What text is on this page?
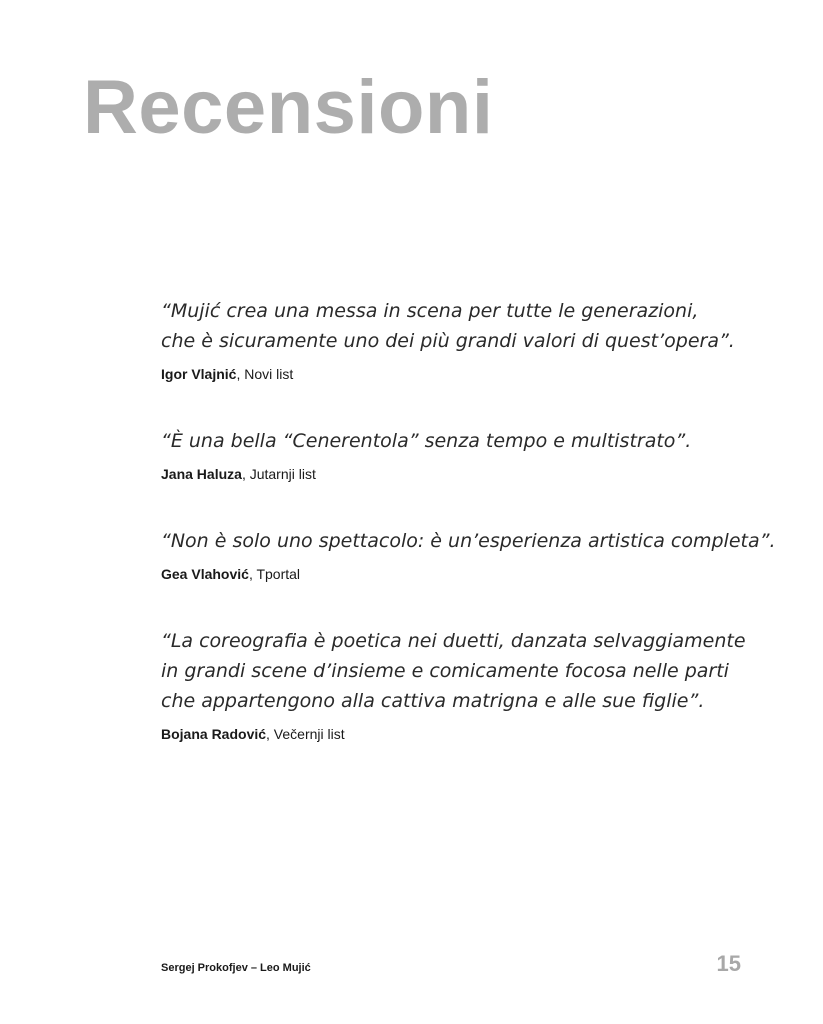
Recensioni

“Mujić crea una messa in scena per tutte le generazioni,
che è sicuramente uno dei più grandi valori di quest’opera”.

Igor Vlajnić, Novi list

“È una bella “Cenerentola” senza tempo e multistrato”.

Jana Haluza, Jutarnji list

“Non è solo uno spettacolo: è un’esperienza artistica completa”.

Gea Vlahović, Tportal

“La coreografia è poetica nei duetti, danzata selvaggiamente
in grandi scene d’insieme e comicamente focosa nelle parti
che appartengono alla cattiva matrigna e alle sue figlie”.

Bojana Radović, Večernji list
Sergej Prokofjev – Leo Mujić	15
